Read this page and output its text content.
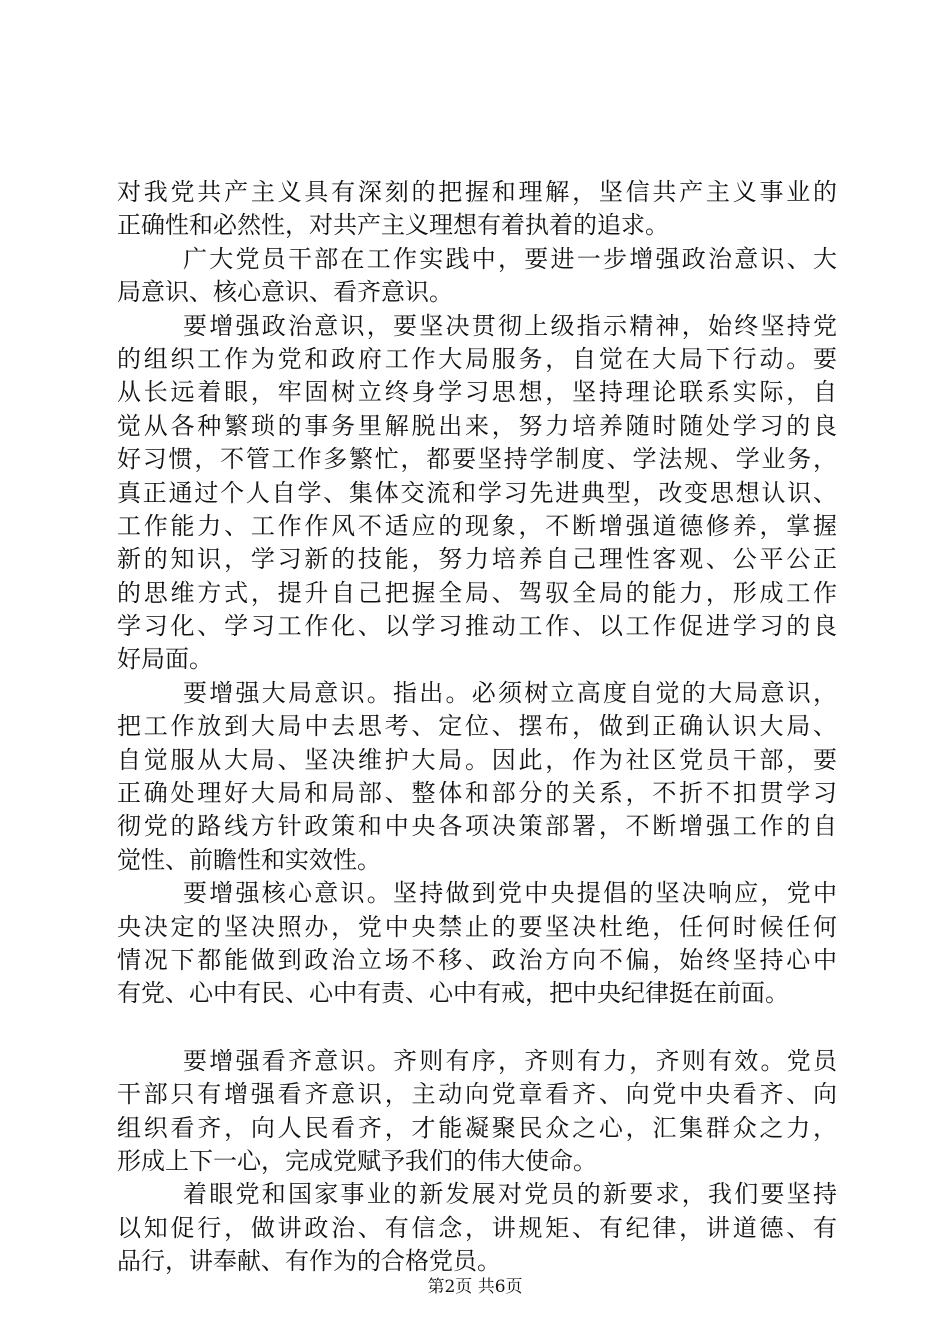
对我党共产主义具有深刻的把握和理解，坚信共产主义事业的
正确性和必然性，对共产主义理想有着执着的追求。
广大党员干部在工作实践中，要进一步增强政治意识、大
局意识、核心意识、看齐意识。
要增强政治意识，要坚决贯彻上级指示精神，始终坚持党
的组织工作为党和政府工作大局服务，自觉在大局下行动。要
从长远着眼，牢固树立终身学习思想，坚持理论联系实际，自
觉从各种繁琐的事务里解脱出来，努力培养随时随处学习的良
好习惯，不管工作多繁忙，都要坚持学制度、学法规、学业务，
真正通过个人自学、集体交流和学习先进典型，改变思想认识、
工作能力、工作作风不适应的现象，不断增强道德修养，掌握
新的知识，学习新的技能，努力培养自己理性客观、公平公正
的思维方式，提升自己把握全局、驾驭全局的能力，形成工作
学习化、学习工作化、以学习推动工作、以工作促进学习的良
好局面。
要增强大局意识。指出。必须树立高度自觉的大局意识，
把工作放到大局中去思考、定位、摆布，做到正确认识大局、
自觉服从大局、坚决维护大局。因此，作为社区党员干部，要
正确处理好大局和局部、整体和部分的关系，不折不扣贯学习
彻党的路线方针政策和中央各项决策部署，不断增强工作的自
觉性、前瞻性和实效性。
要增强核心意识。坚持做到党中央提倡的坚决响应，党中
央决定的坚决照办，党中央禁止的要坚决杜绝，任何时候任何
情况下都能做到政治立场不移、政治方向不偏，始终坚持心中
有党、心中有民、心中有责、心中有戒，把中央纪律挺在前面。
要增强看齐意识。齐则有序，齐则有力，齐则有效。党员
干部只有增强看齐意识，主动向党章看齐、向党中央看齐、向
组织看齐，向人民看齐，才能凝聚民众之心，汇集群众之力，
形成上下一心，完成党赋予我们的伟大使命。
着眼党和国家事业的新发展对党员的新要求，我们要坚持
以知促行，做讲政治、有信念，讲规矩、有纪律，讲道德、有
品行，讲奉献、有作为的合格党员。
第2页 共6页
